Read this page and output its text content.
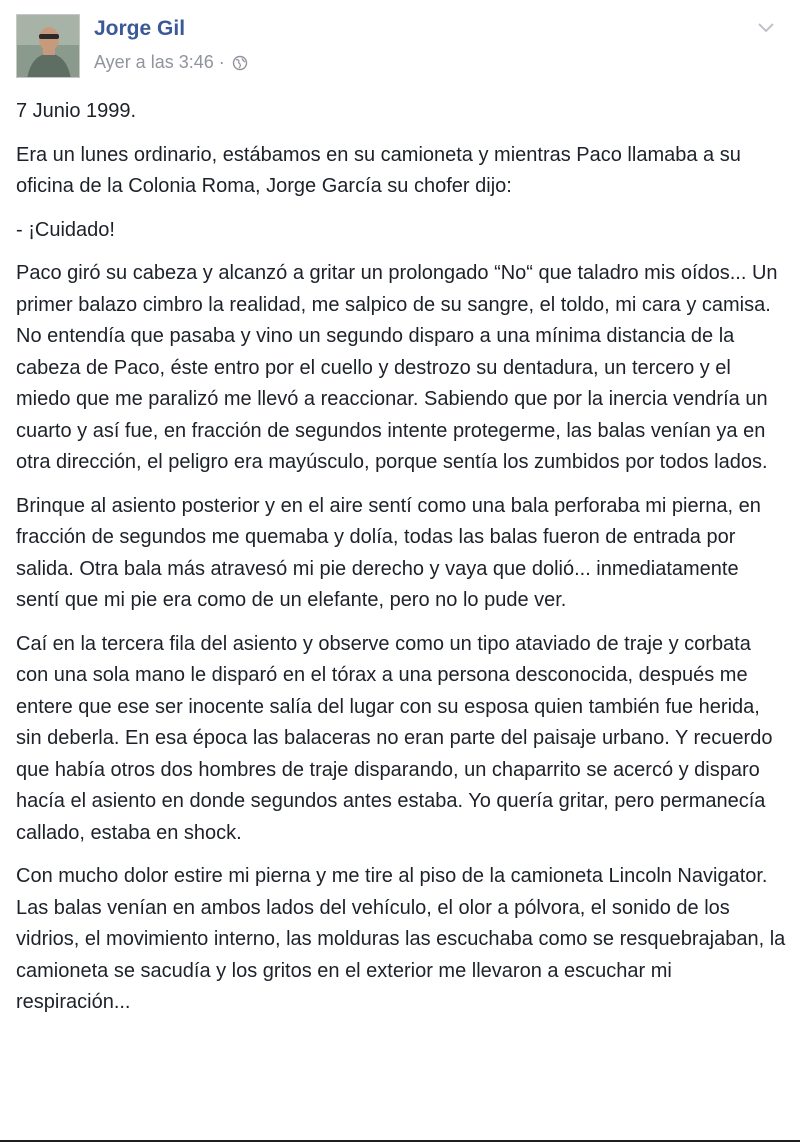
Jorge Gil
Ayer a las 3:46 ·

7 Junio 1999.

Era un lunes ordinario, estábamos en su camioneta y mientras Paco llamaba a su oficina de la Colonia Roma, Jorge García su chofer dijo:

- ¡Cuidado!

Paco giró su cabeza y alcanzó a gritar un prolongado “No“ que taladro mis oídos... Un primer balazo cimbro la realidad, me salpico de su sangre, el toldo, mi cara y camisa. No entendía que pasaba y vino un segundo disparo a una mínima distancia de la cabeza de Paco, éste entro por el cuello y destrozo su dentadura, un tercero y el miedo que me paralizó me llevó a reaccionar. Sabiendo que por la inercia vendría un cuarto y así fue, en fracción de segundos intente protegerme, las balas venían ya en otra dirección, el peligro era mayúsculo, porque sentía los zumbidos por todos lados.

Brinque al asiento posterior y en el aire sentí como una bala perforaba mi pierna, en fracción de segundos me quemaba y dolía, todas las balas fueron de entrada por salida. Otra bala más atravesó mi pie derecho y vaya que dolió... inmediatamente sentí que mi pie era como de un elefante, pero no lo pude ver.

Caí en la tercera fila del asiento y observe como un tipo ataviado de traje y corbata con una sola mano le disparó en el tórax a una persona desconocida, después me entere que ese ser inocente salía del lugar con su esposa quien también fue herida, sin deberla. En esa época las balaceras no eran parte del paisaje urbano. Y recuerdo que había otros dos hombres de traje disparando, un chaparrito se acercó y disparo hacía el asiento en donde segundos antes estaba. Yo quería gritar, pero permanecía callado, estaba en shock.

Con mucho dolor estire mi pierna y me tire al piso de la camioneta Lincoln Navigator. Las balas venían en ambos lados del vehículo, el olor a pólvora, el sonido de los vidrios, el movimiento interno, las molduras las escuchaba como se resquebrajaban, la camioneta se sacudía y los gritos en el exterior me llevaron a escuchar mi respiración...
